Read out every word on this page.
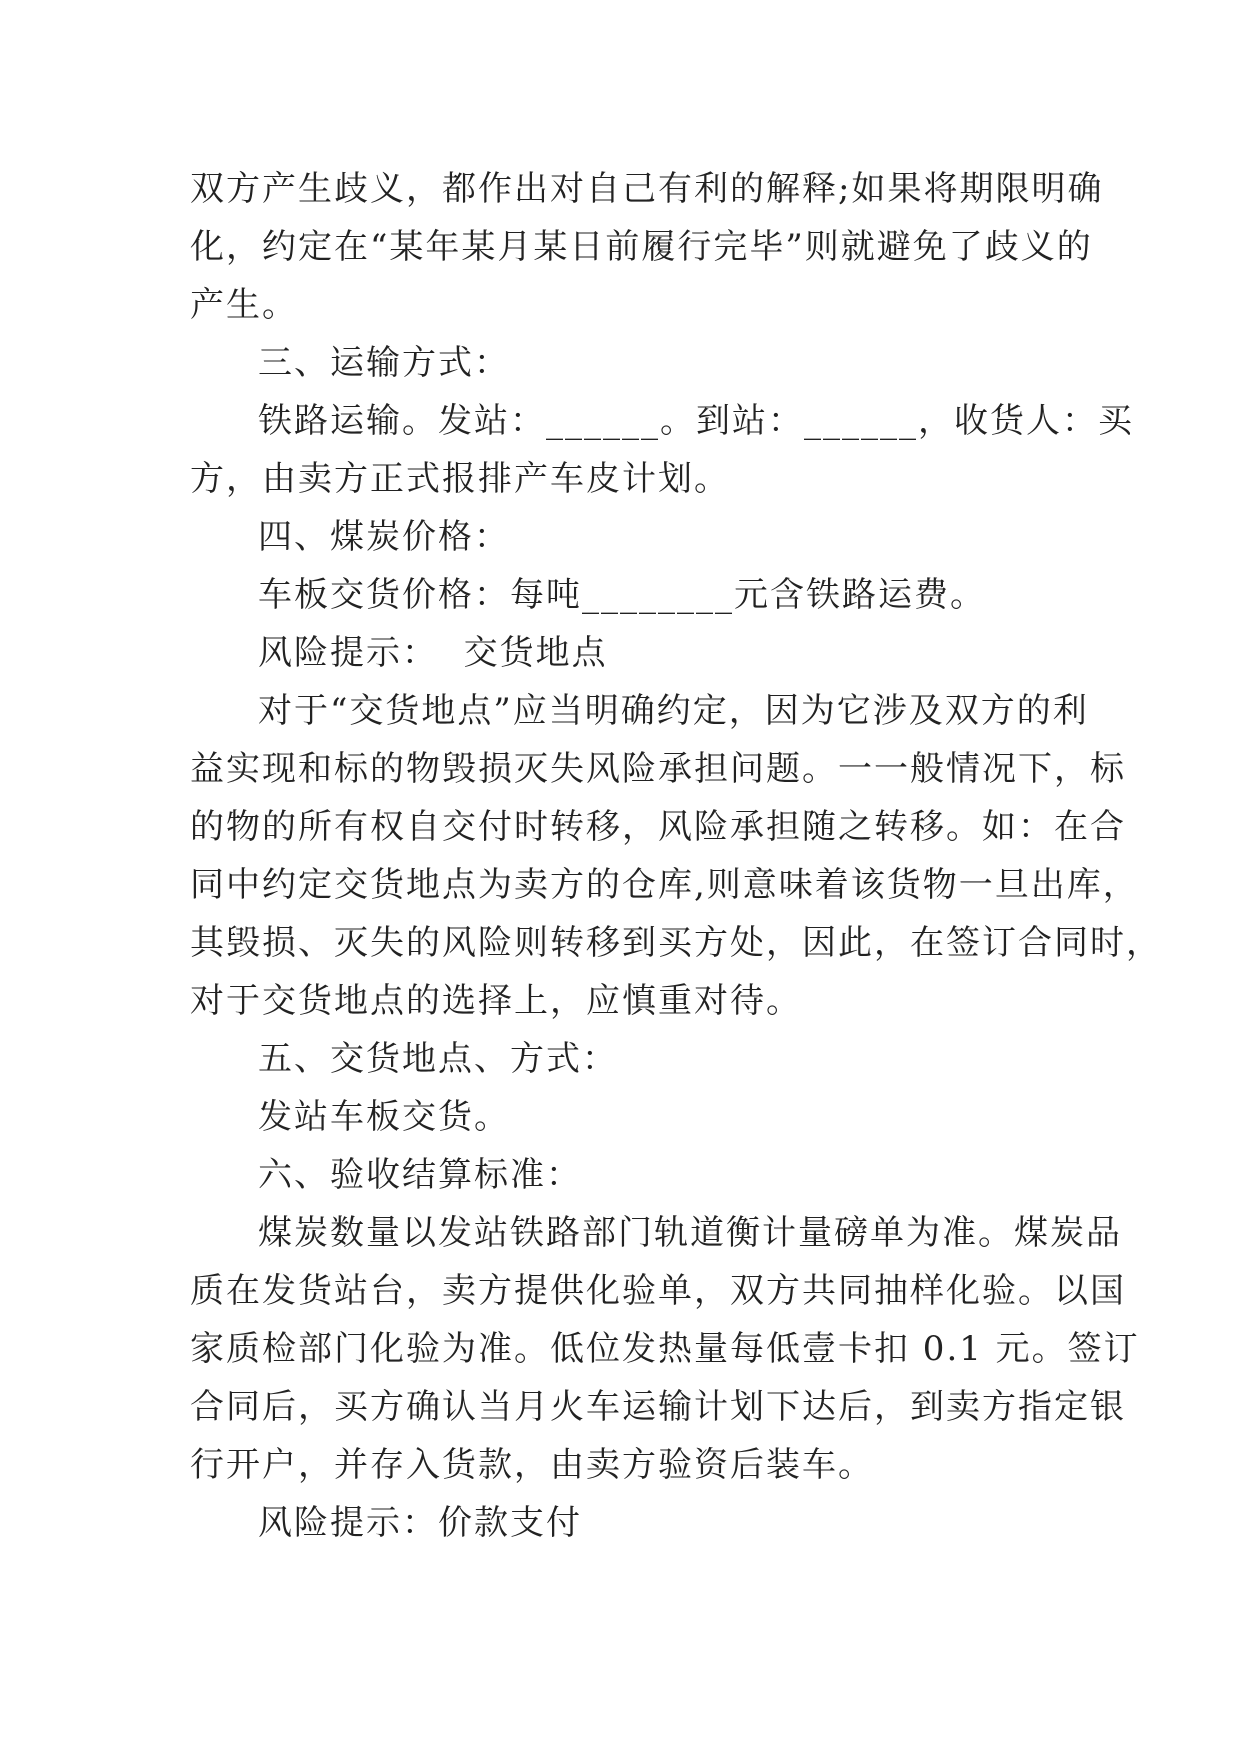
双方产生歧义，都作出对自己有利的解释;如果将期限明确
化，约定在“某年某月某日前履行完毕”则就避免了歧义的
产生。
三、运输方式：
铁路运输。发站：______。到站：______，收货人：买
方，由卖方正式报排产车皮计划。
四、煤炭价格：
车板交货价格：每吨________元含铁路运费。
风险提示：  交货地点
对于“交货地点”应当明确约定，因为它涉及双方的利
益实现和标的物毁损灭失风险承担问题。一一般情况下，标
的物的所有权自交付时转移，风险承担随之转移。如：在合
同中约定交货地点为卖方的仓库,则意味着该货物一旦出库，
其毁损、灭失的风险则转移到买方处，因此，在签订合同时，
对于交货地点的选择上，应慎重对待。
五、交货地点、方式：
发站车板交货。
六、验收结算标准：
煤炭数量以发站铁路部门轨道衡计量磅单为准。煤炭品
质在发货站台，卖方提供化验单，双方共同抽样化验。以国
家质检部门化验为准。低位发热量每低壹卡扣 0.1 元。签订
合同后，买方确认当月火车运输计划下达后，到卖方指定银
行开户，并存入货款，由卖方验资后装车。
风险提示：价款支付
